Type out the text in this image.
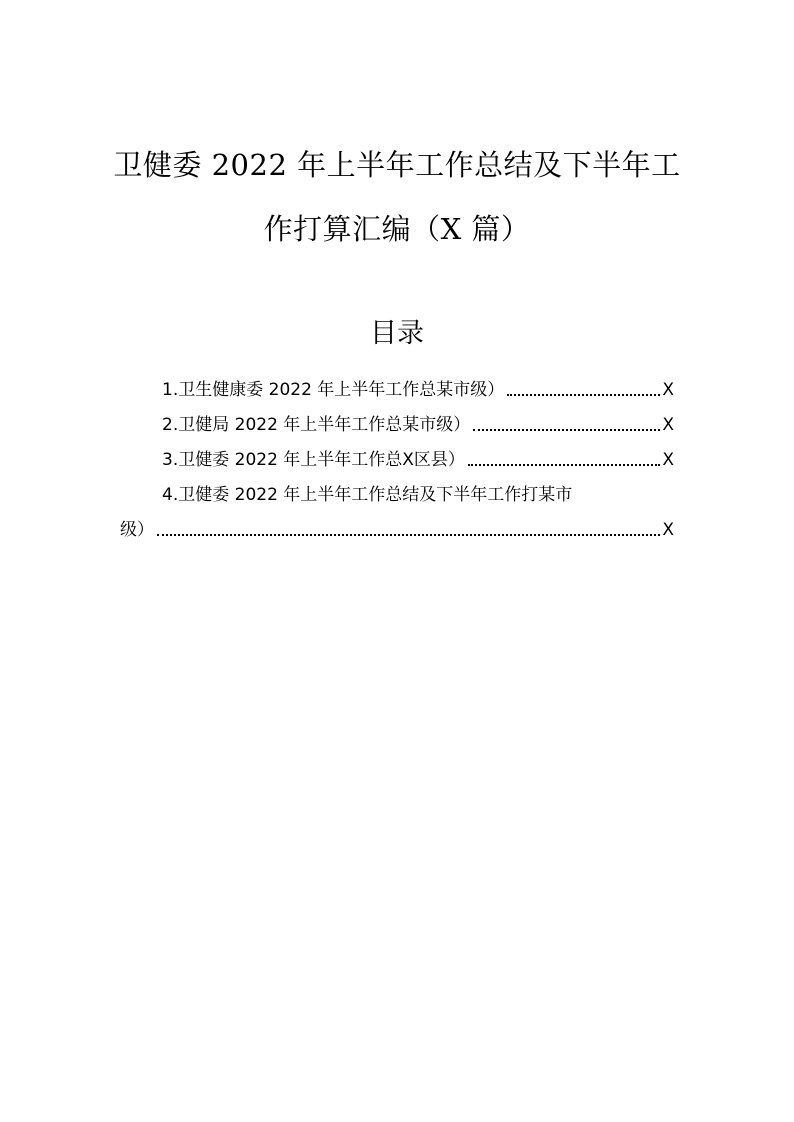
卫健委 2022 年上半年工作总结及下半年工
作打算汇编（X 篇）
目录
1.卫生健康委 2022 年上半年工作总某市级）	X
2.卫健局 2022 年上半年工作总某市级）	X
3.卫健委 2022 年上半年工作总X区县）	X
4.卫健委 2022 年上半年工作总结及下半年工作打某市
级）	X
